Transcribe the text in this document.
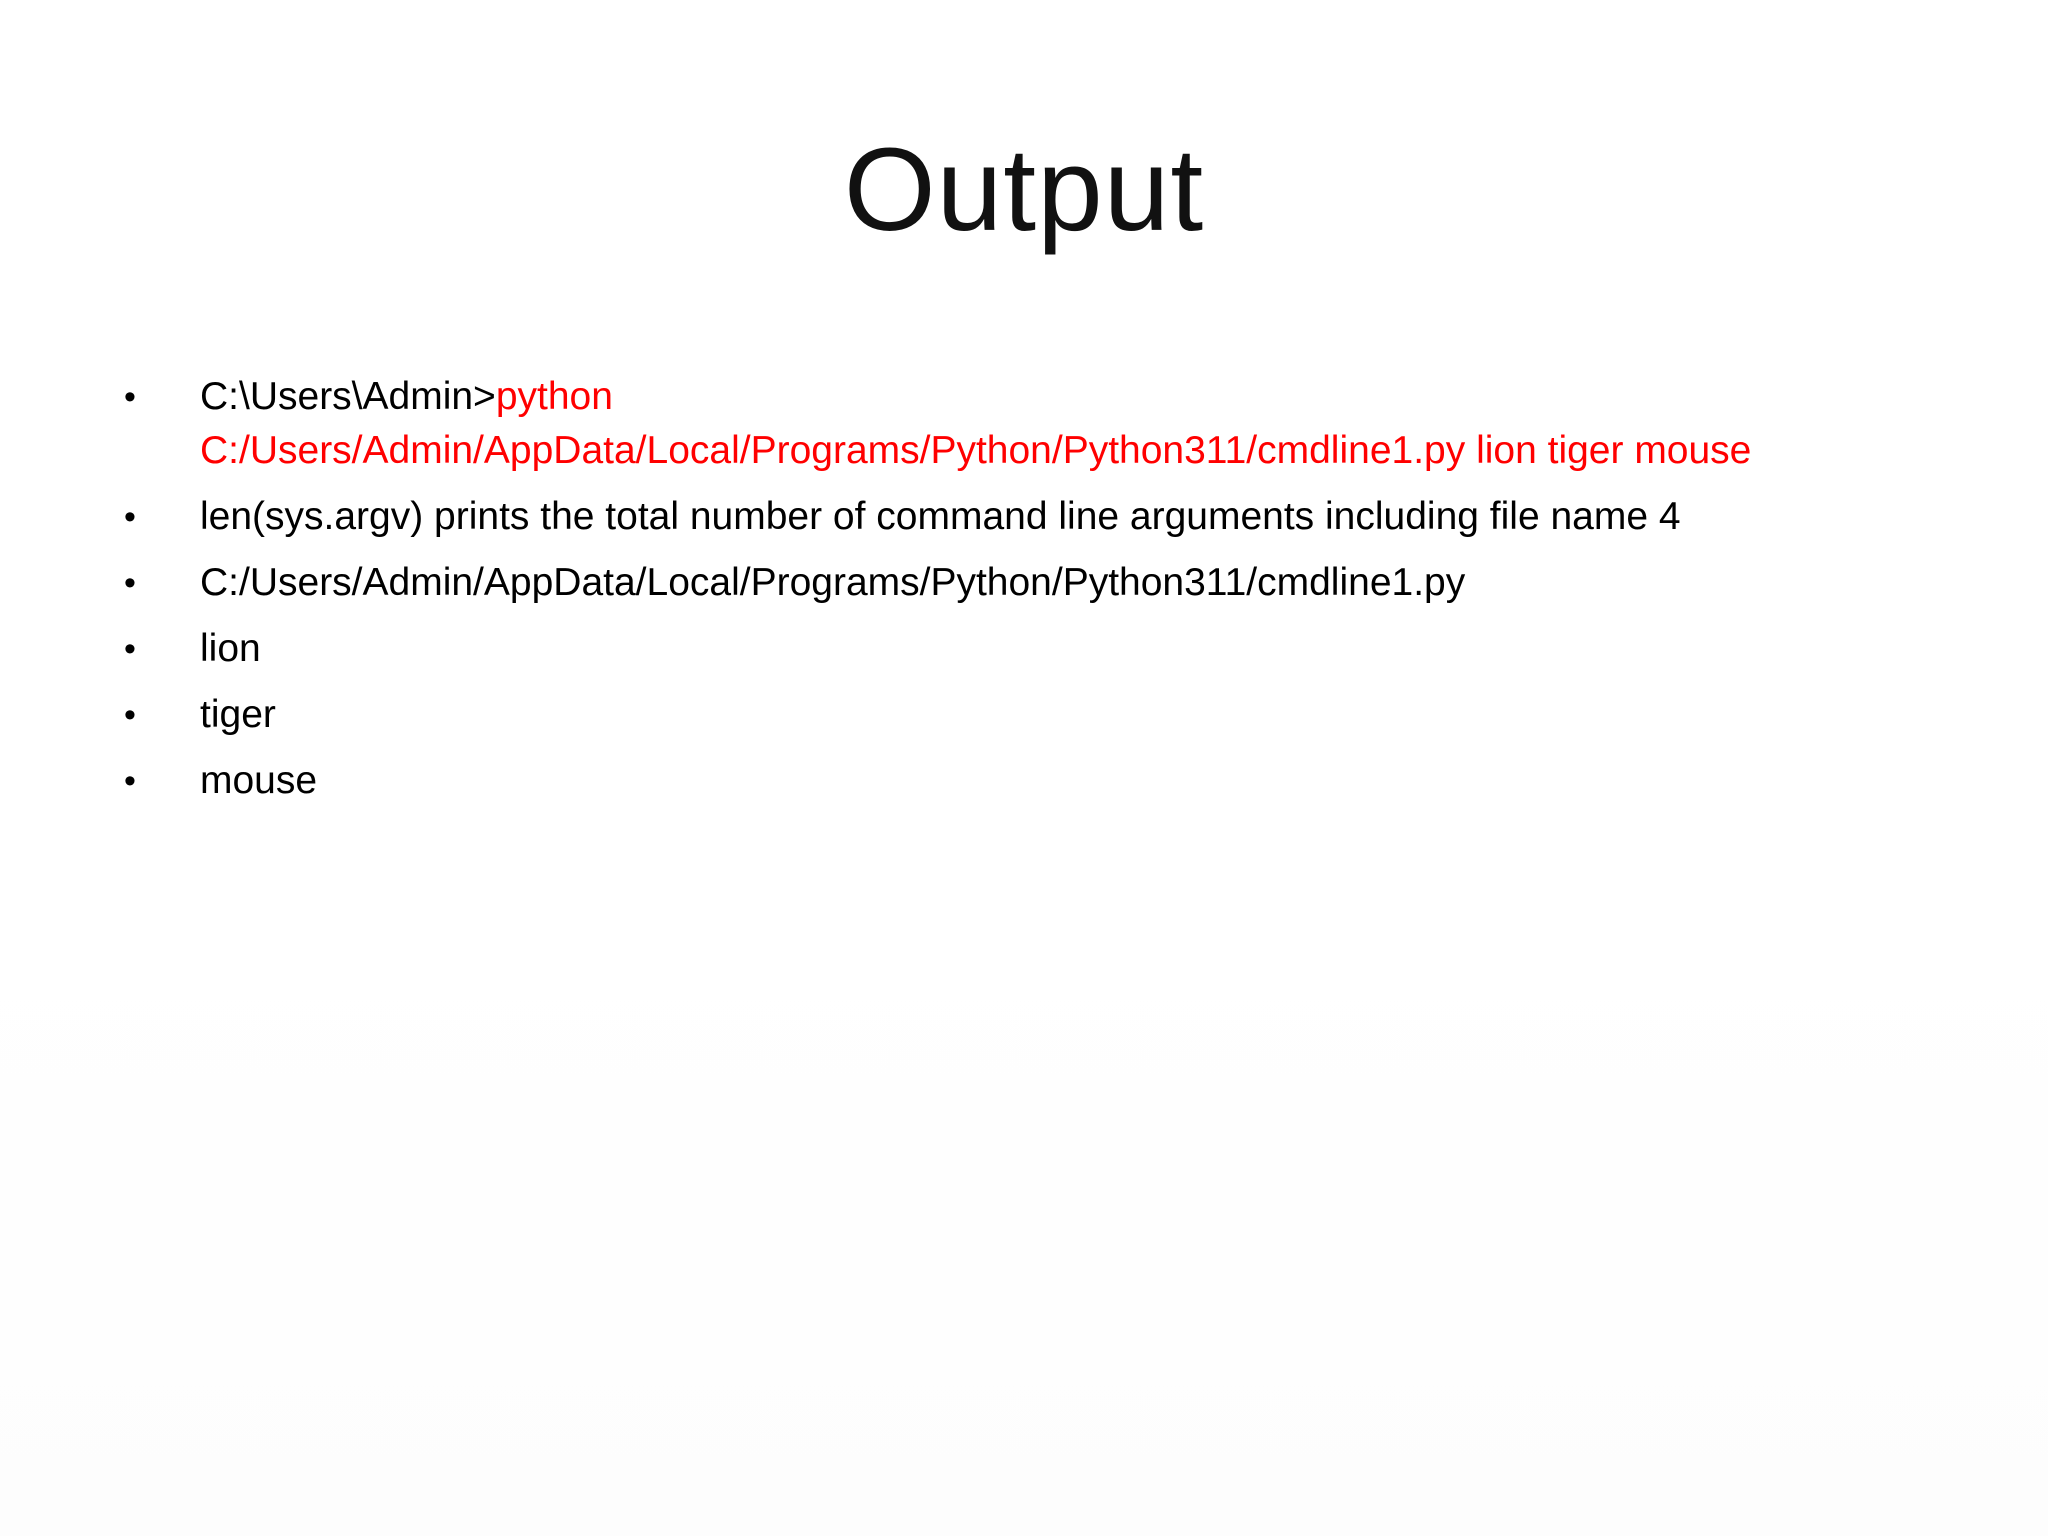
Output
• C:\Users\Admin>python
C:/Users/Admin/AppData/Local/Programs/Python/Python311/cmdline1.py lion tiger mouse
• len(sys.argv) prints the total number of command line arguments including file name 4
• C:/Users/Admin/AppData/Local/Programs/Python/Python311/cmdline1.py
• lion
• tiger
• mouse
